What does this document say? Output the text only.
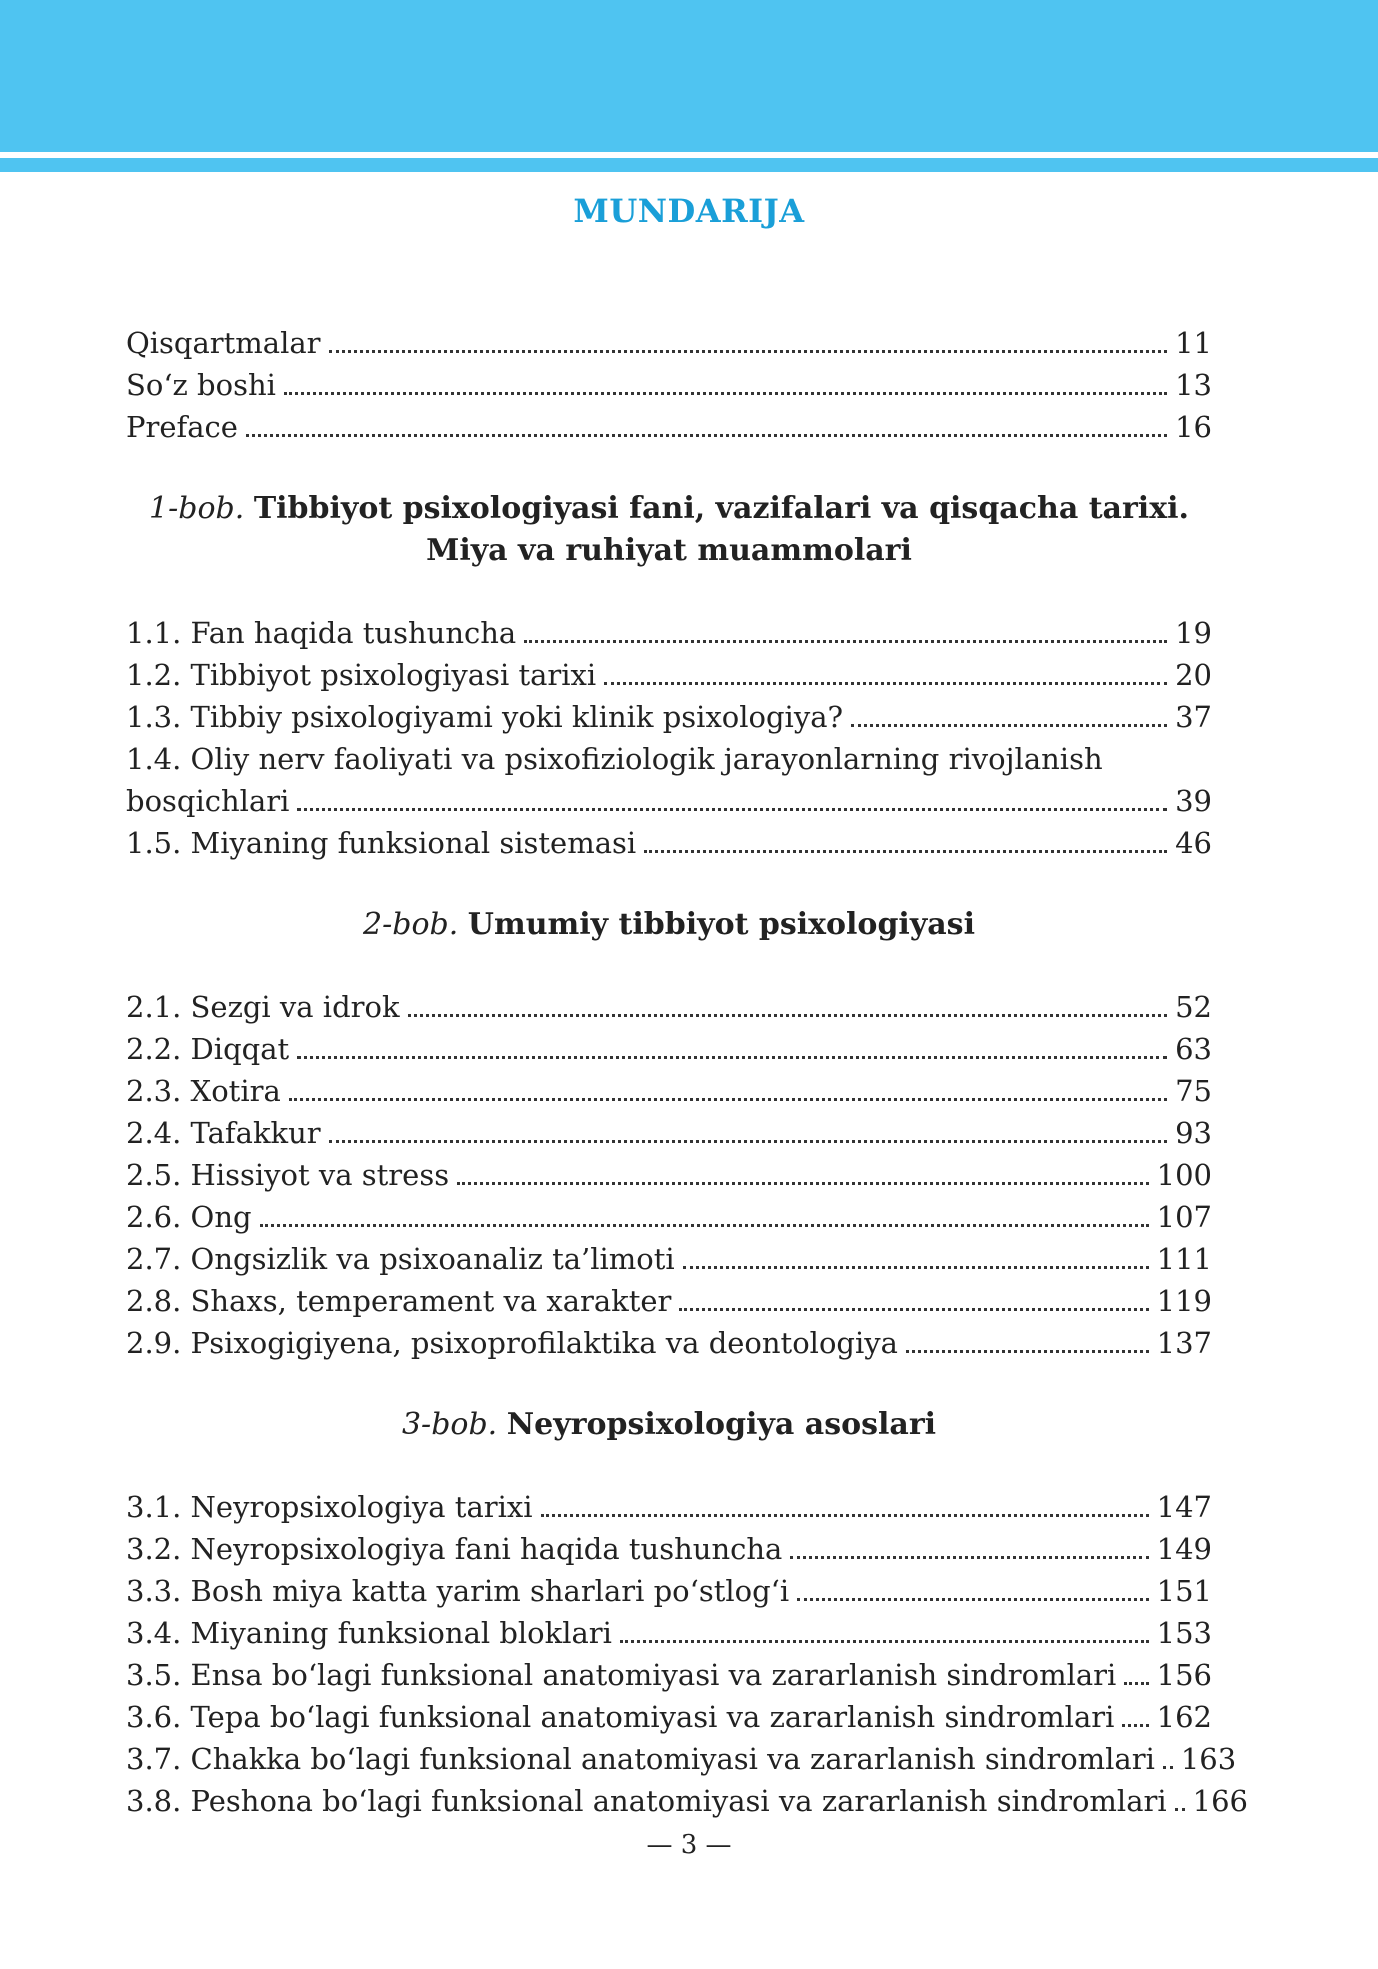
MUNDARIJA
Qisqartmalar	11
So‘z boshi	13
Preface	16
1-bob. Tibbiyot psixologiyasi fani, vazifalari va qisqacha tarixi.
Miya va ruhiyat muammolari
1.1. Fan haqida tushuncha	19
1.2. Tibbiyot psixologiyasi tarixi	20
1.3. Tibbiy psixologiyami yoki klinik psixologiya?	37
1.4. Oliy nerv faoliyati va psixofiziologik jarayonlarning rivojlanish
bosqichlari	39
1.5. Miyaning funksional sistemasi	46
2-bob. Umumiy tibbiyot psixologiyasi
2.1. Sezgi va idrok	52
2.2. Diqqat	63
2.3. Xotira	75
2.4. Tafakkur	93
2.5. Hissiyot va stress	100
2.6. Ong	107
2.7. Ongsizlik va psixoanaliz ta’limoti	111
2.8. Shaxs, temperament va xarakter	119
2.9. Psixogigiyena, psixoprofilaktika va deontologiya	137
3-bob. Neyropsixologiya asoslari
3.1. Neyropsixologiya tarixi	147
3.2. Neyropsixologiya fani haqida tushuncha	149
3.3. Bosh miya katta yarim sharlari po‘stlog‘i	151
3.4. Miyaning funksional bloklari	153
3.5. Ensa bo‘lagi funksional anatomiyasi va zararlanish sindromlari 156
3.6. Tepa bo‘lagi funksional anatomiyasi va zararlanish sindromlari 162
3.7. Chakka bo‘lagi funksional anatomiyasi va zararlanish sindromlari 163
3.8. Peshona bo‘lagi funksional anatomiyasi va zararlanish sindromlari 166
— 3 —
